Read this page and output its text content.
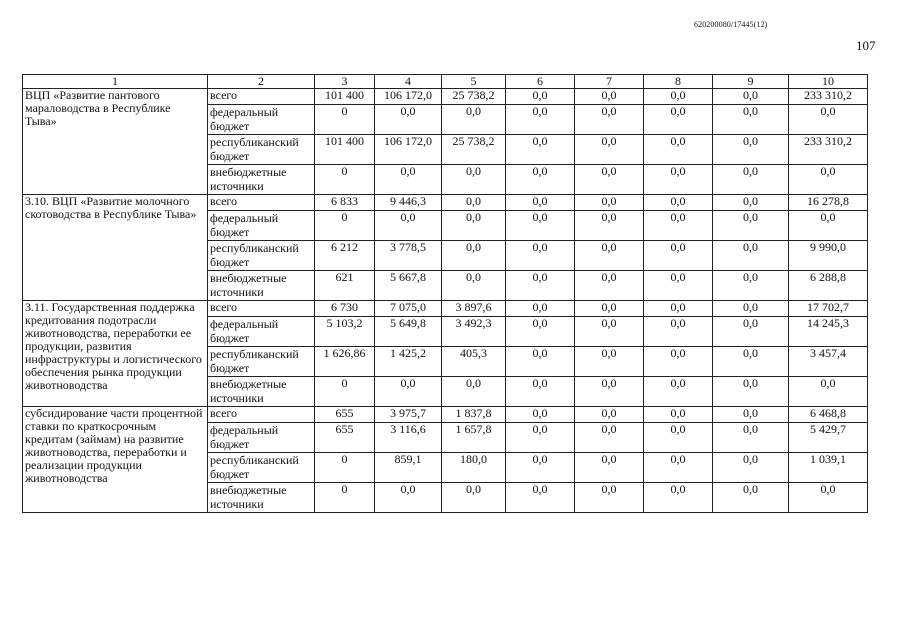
620200080/17445(12)
107
1	2	3	4	5	6	7	8	9	10
ВЦП «Развитие пантового мараловодства в Республике Тыва»	всего	101 400	106 172,0	25 738,2	0,0	0,0	0,0	0,0	233 310,2
	федеральный бюджет	0	0,0	0,0	0,0	0,0	0,0	0,0	0,0
	республиканский бюджет	101 400	106 172,0	25 738,2	0,0	0,0	0,0	0,0	233 310,2
	внебюджетные источники	0	0,0	0,0	0,0	0,0	0,0	0,0	0,0
3.10. ВЦП «Развитие молочного скотоводства в Республике Тыва»	всего	6 833	9 446,3	0,0	0,0	0,0	0,0	0,0	16 278,8
	федеральный бюджет	0	0,0	0,0	0,0	0,0	0,0	0,0	0,0
	республиканский бюджет	6 212	3 778,5	0,0	0,0	0,0	0,0	0,0	9 990,0
	внебюджетные источники	621	5 667,8	0,0	0,0	0,0	0,0	0,0	6 288,8
3.11. Государственная поддержка кредитования подотрасли животноводства, переработки ее продукции, развития инфраструктуры и логистического обеспечения рынка продукции животноводства	всего	6 730	7 075,0	3 897,6	0,0	0,0	0,0	0,0	17 702,7
	федеральный бюджет	5 103,2	5 649,8	3 492,3	0,0	0,0	0,0	0,0	14 245,3
	республиканский бюджет	1 626,86	1 425,2	405,3	0,0	0,0	0,0	0,0	3 457,4
	внебюджетные источники	0	0,0	0,0	0,0	0,0	0,0	0,0	0,0
субсидирование части процентной ставки по краткосрочным кредитам (займам) на развитие животноводства, переработки и реализации продукции животноводства	всего	655	3 975,7	1 837,8	0,0	0,0	0,0	0,0	6 468,8
	федеральный бюджет	655	3 116,6	1 657,8	0,0	0,0	0,0	0,0	5 429,7
	республиканский бюджет	0	859,1	180,0	0,0	0,0	0,0	0,0	1 039,1
	внебюджетные источники	0	0,0	0,0	0,0	0,0	0,0	0,0	0,0
